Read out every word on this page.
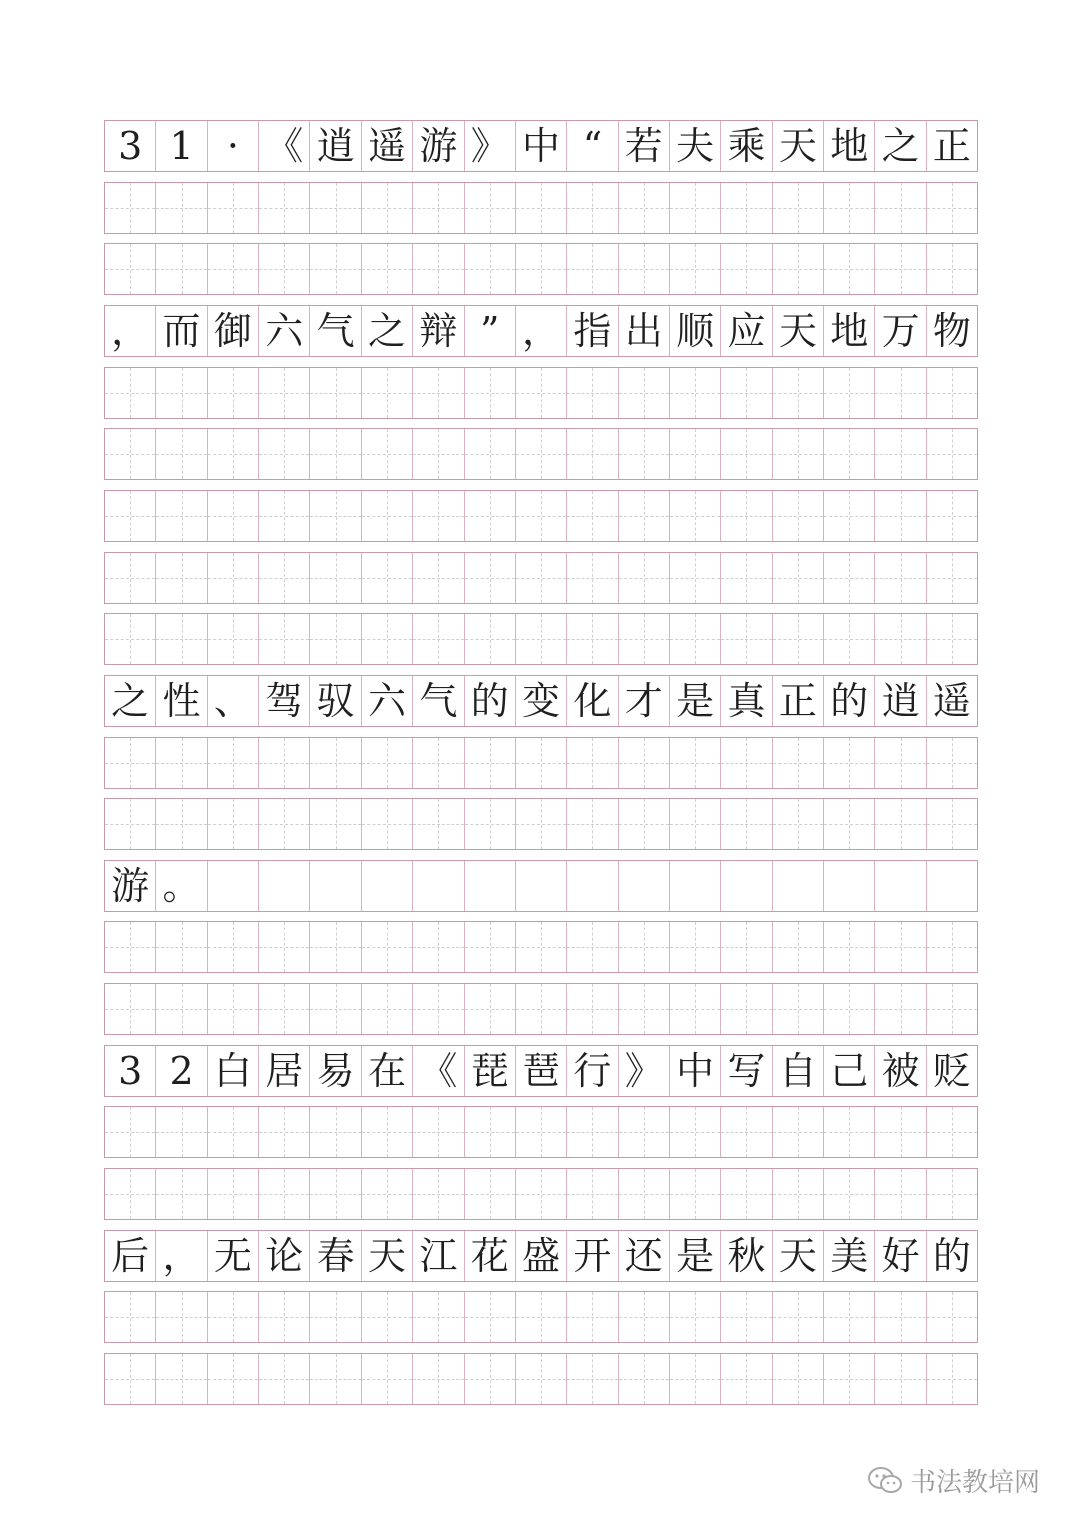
3 1 · 《 逍 遥 游 》 中 “ 若 夫 乘 天 地 之 正
， 而 御 六 气 之 辩 ” ， 指 出 顺 应 天 地 万 物
之 性 、 驾 驭 六 气 的 变 化 才 是 真 正 的 逍 遥
游 。
3 2 白 居 易 在 《 琵 琶 行 》 中 写 自 己 被 贬
后 ， 无 论 春 天 江 花 盛 开 还 是 秋 天 美 好 的
书法教培网
